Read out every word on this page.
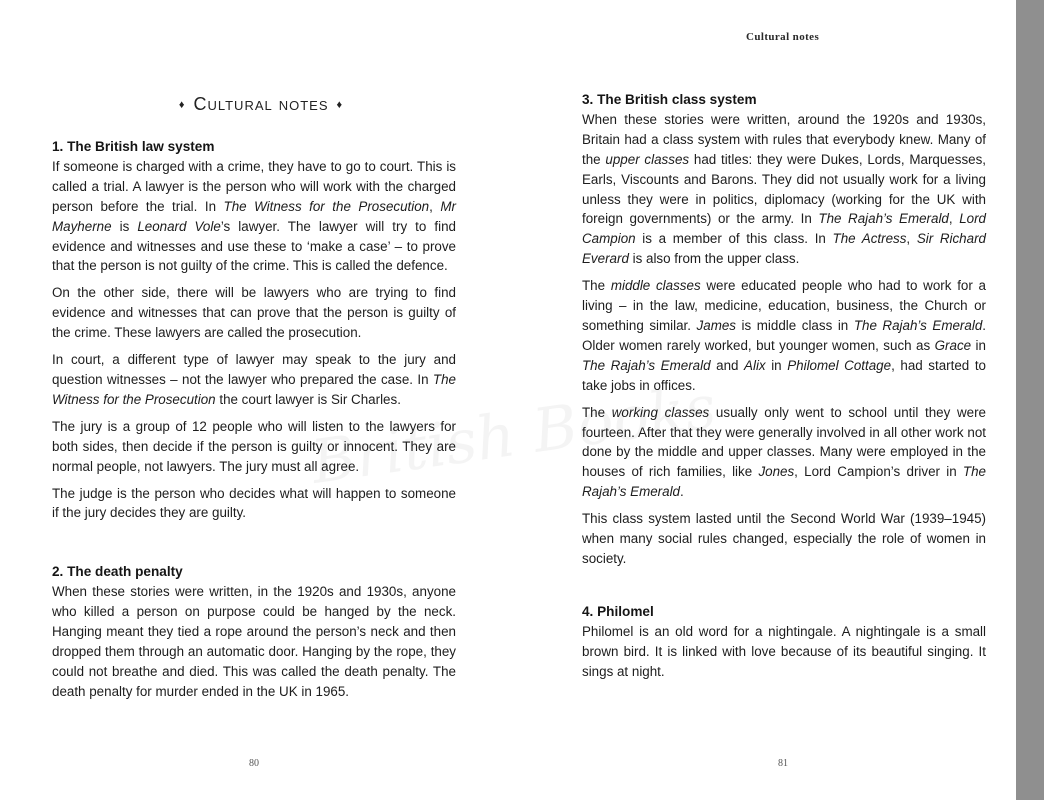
♦ Cultural notes ♦
1. The British law system

If someone is charged with a crime, they have to go to court. This is called a trial. A lawyer is the person who will work with the charged person before the trial. In The Witness for the Prosecution, Mr Mayherne is Leonard Vole’s lawyer. The lawyer will try to find evidence and witnesses and use these to ‘make a case’ – to prove that the person is not guilty of the crime. This is called the defence.

On the other side, there will be lawyers who are trying to find evidence and witnesses that can prove that the person is guilty of the crime. These lawyers are called the prosecution.

In court, a different type of lawyer may speak to the jury and question witnesses – not the lawyer who prepared the case. In The Witness for the Prosecution the court lawyer is Sir Charles.

The jury is a group of 12 people who will listen to the lawyers for both sides, then decide if the person is guilty or innocent. They are normal people, not lawyers. The jury must all agree.

The judge is the person who decides what will happen to someone if the jury decides they are guilty.

2. The death penalty

When these stories were written, in the 1920s and 1930s, anyone who killed a person on purpose could be hanged by the neck. Hanging meant they tied a rope around the person’s neck and then dropped them through an automatic door. Hanging by the rope, they could not breathe and died. This was called the death penalty. The death penalty for murder ended in the UK in 1965.

80
Cultural notes
3. The British class system

When these stories were written, around the 1920s and 1930s, Britain had a class system with rules that everybody knew. Many of the upper classes had titles: they were Dukes, Lords, Marquesses, Earls, Viscounts and Barons. They did not usually work for a living unless they were in politics, diplomacy (working for the UK with foreign governments) or the army. In The Rajah’s Emerald, Lord Campion is a member of this class. In The Actress, Sir Richard Everard is also from the upper class.

The middle classes were educated people who had to work for a living – in the law, medicine, education, business, the Church or something similar. James is middle class in The Rajah’s Emerald. Older women rarely worked, but younger women, such as Grace in The Rajah’s Emerald and Alix in Philomel Cottage, had started to take jobs in offices.

The working classes usually only went to school until they were fourteen. After that they were generally involved in all other work not done by the middle and upper classes. Many were employed in the houses of rich families, like Jones, Lord Campion’s driver in The Rajah’s Emerald.

This class system lasted until the Second World War (1939–1945) when many social rules changed, especially the role of women in society.

4. Philomel

Philomel is an old word for a nightingale. A nightingale is a small brown bird. It is linked with love because of its beautiful singing. It sings at night.

81
